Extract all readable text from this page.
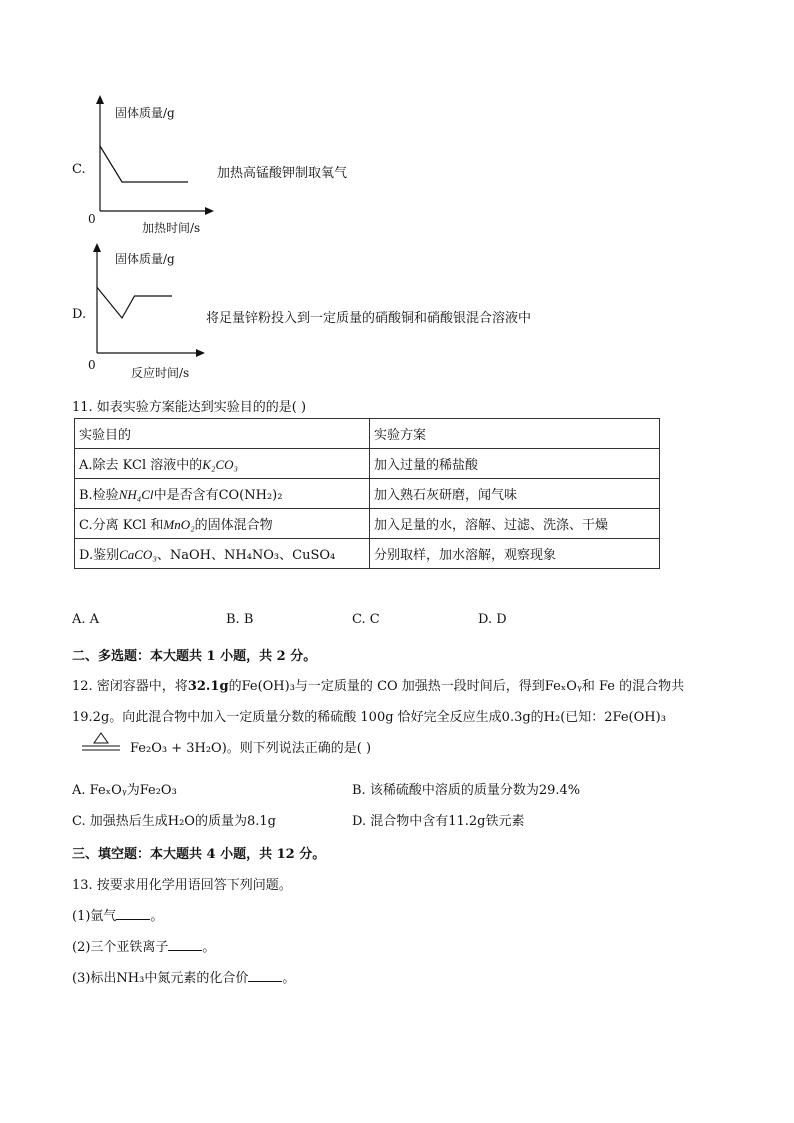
C.
固体质量/g
0
加热时间/s
加热高锰酸钾制取氧气
D.
固体质量/g
0
反应时间/s
将足量锌粉投入到一定质量的硝酸铜和硝酸银混合溶液中
11. 如表实验方案能达到实验目的的是( )
实验目的	实验方案
A.除去 KCl 溶液中的K₂CO₃	加入过量的稀盐酸
B.检验NH₄Cl中是否含有CO(NH₂)₂	加入熟石灰研磨，闻气味
C.分离 KCl 和MnO₂的固体混合物	加入足量的水，溶解、过滤、洗涤、干燥
D.鉴别CaCO₃、NaOH、NH₄NO₃、CuSO₄	分别取样，加水溶解，观察现象
A. A	B. B	C. C	D. D
二、多选题：本大题共 1 小题，共 2 分。
12. 密闭容器中，将32.1g的Fe(OH)₃与一定质量的 CO 加强热一段时间后，得到FeₓOᵧ和 Fe 的混合物共
19.2g。向此混合物中加入一定质量分数的稀硫酸 100g 恰好完全反应生成0.3g的H₂(已知：2Fe(OH)₃
Fe₂O₃ + 3H₂O)。则下列说法正确的是( )
A. FeₓOᵧ为Fe₂O₃	B. 该稀硫酸中溶质的质量分数为29.4%
C. 加强热后生成H₂O的质量为8.1g	D. 混合物中含有11.2g铁元素
三、填空题：本大题共 4 小题，共 12 分。
13. 按要求用化学用语回答下列问题。
(1)氩气	。
(2)三个亚铁离子	。
(3)标出NH₃中氮元素的化合价	。
